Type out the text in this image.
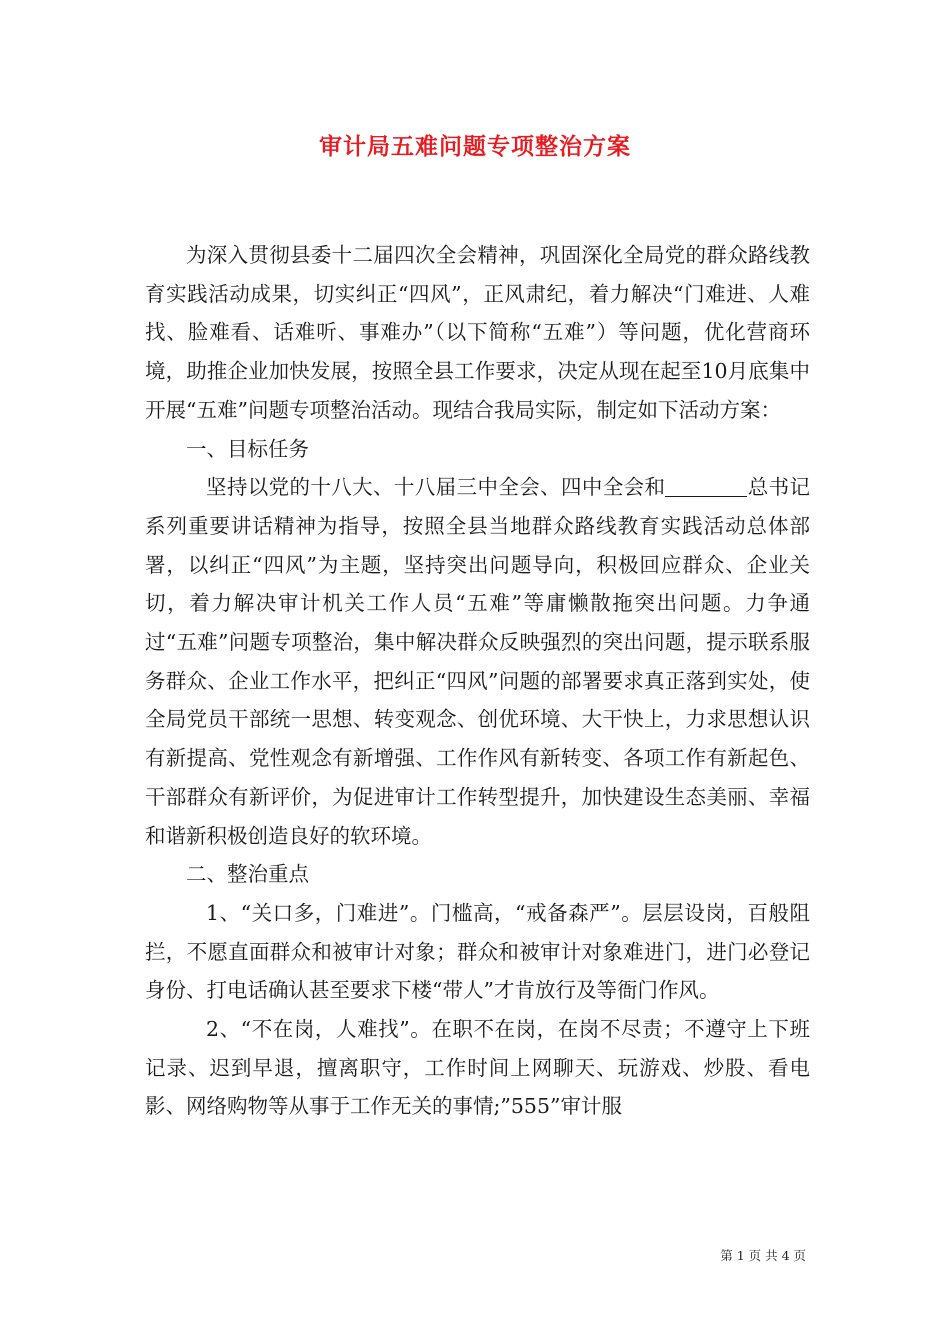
审计局五难问题专项整治方案

为深入贯彻县委十二届四次全会精神，巩固深化全局党的群众路线教育实践活动成果，切实纠正“四风”，正风肃纪，着力解决“门难进、人难找、脸难看、话难听、事难办”（以下简称“五难”）等问题，优化营商环境，助推企业加快发展，按照全县工作要求，决定从现在起至10月底集中开展“五难”问题专项整治活动。现结合我局实际，制定如下活动方案：

一、目标任务

坚持以党的十八大、十八届三中全会、四中全会和	总书记系列重要讲话精神为指导，按照全县当地群众路线教育实践活动总体部署，以纠正“四风”为主题，坚持突出问题导向，积极回应群众、企业关切，着力解决审计机关工作人员“五难”等庸懒散拖突出问题。力争通过“五难”问题专项整治，集中解决群众反映强烈的突出问题，提示联系服务群众、企业工作水平，把纠正“四风”问题的部署要求真正落到实处，使全局党员干部统一思想、转变观念、创优环境、大干快上，力求思想认识有新提高、党性观念有新增强、工作作风有新转变、各项工作有新起色、干部群众有新评价，为促进审计工作转型提升，加快建设生态美丽、幸福和谐新积极创造良好的软环境。

二、整治重点

1、“关口多，门难进”。门槛高，“戒备森严”。层层设岗，百般阻拦，不愿直面群众和被审计对象；群众和被审计对象难进门，进门必登记身份、打电话确认甚至要求下楼“带人”才肯放行及等衙门作风。

2、“不在岗，人难找”。在职不在岗，在岗不尽责；不遵守上下班记录、迟到早退，擅离职守，工作时间上网聊天、玩游戏、炒股、看电影、网络购物等从事于工作无关的事情;”555”审计服

第 1 页 共 4 页
